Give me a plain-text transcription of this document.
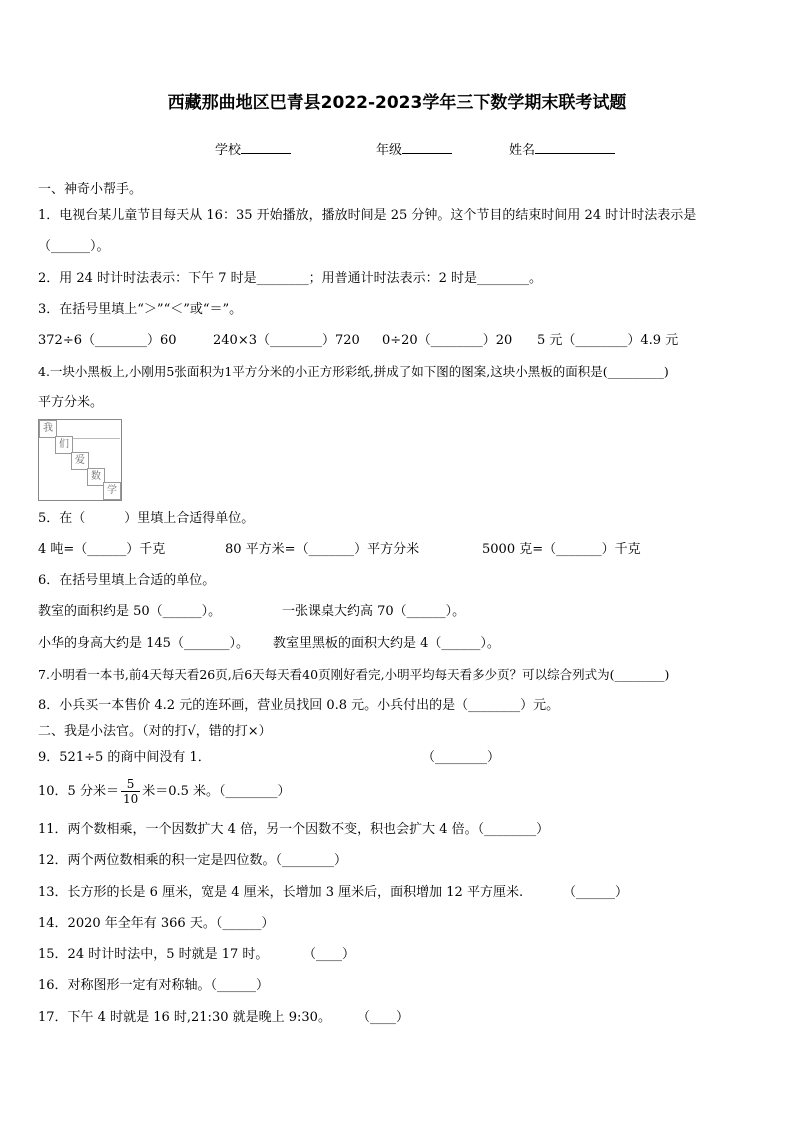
西藏那曲地区巴青县2022-2023学年三下数学期末联考试题
学校	年级	姓名
一、神奇小帮手。
1．电视台某儿童节目每天从 16：35 开始播放，播放时间是 25 分钟。这个节目的结束时间用 24 时计时法表示是
（______）。
2．用 24 时计时法表示：下午 7 时是________；用普通计时法表示：2 时是________。
3．在括号里填上“＞”“＜”或“＝”。
372÷6（________）60	240×3（________）720 0÷20（________）20 5 元（________）4.9 元
4.一块小黑板上,小刚用5张面积为1平方分米的小正方形彩纸,拼成了如下图的图案,这块小黑板的面积是(_________)
平方分米。
我
们
爱
数
学
5．在（　　　）里填上合适得单位。
4 吨=（______）千克	80 平方米=（_______）平方分米	5000 克=（_______）千克
6．在括号里填上合适的单位。
教室的面积约是 50（______）。	一张课桌大约高 70（______）。
小华的身高大约是 145（_______）。 教室里黑板的面积大约是 4（______）。
7.小明看一本书,前4天每天看26页,后6天每天看40页刚好看完,小明平均每天看多少页？可以综合列式为(________)
8．小兵买一本售价 4.2 元的连环画，营业员找回 0.8 元。小兵付出的是（________）元。
二、我是小法官。（对的打√，错的打×）
9．521÷5 的商中间没有 1．	（________）
10．5 分米＝ $\frac{5}{10}$ 米＝0.5 米。（________）
11．两个数相乘，一个因数扩大 4 倍，另一个因数不变，积也会扩大 4 倍。（________）
12．两个两位数相乘的积一定是四位数。（________）
13．长方形的长是 6 厘米，宽是 4 厘米，长增加 3 厘米后，面积增加 12 平方厘米.	（______）
14．2020 年全年有 366 天。（______）
15．24 时计时法中，5 时就是 17 时。	（____）
16．对称图形一定有对称轴。（______）
17．下午 4 时就是 16 时,21:30 就是晚上 9:30。 （____）
